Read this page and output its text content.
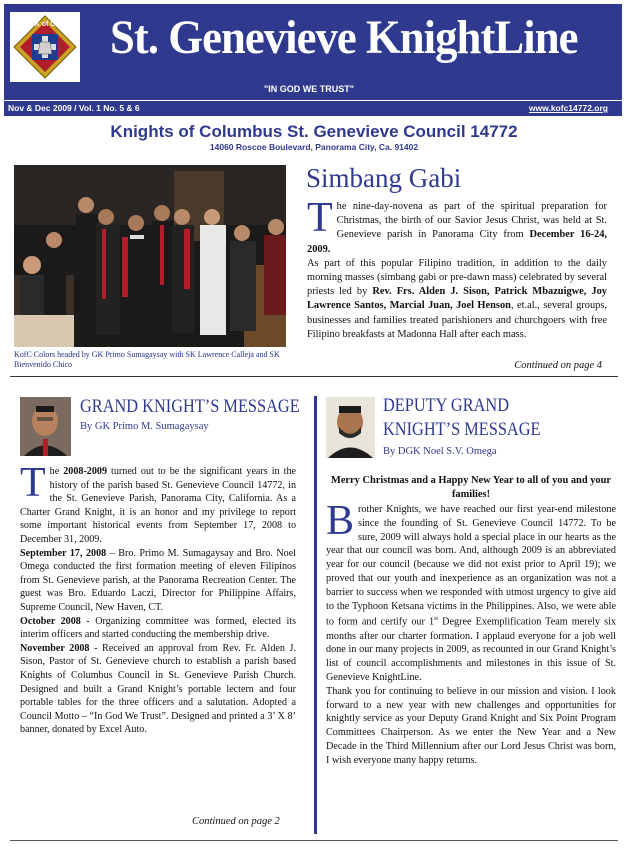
K of C St. Genevieve KnightLine
"IN GOD WE TRUST"
Nov & Dec 2009 / Vol. 1 No. 5 & 6	www.kofc14772.org
Knights of Columbus St. Genevieve Council 14772
14060 Roscoe Boulevard, Panorama City, Ca. 91402
KofC Colors headed by GK Primo Sumagaysay with SK Lawrence Calleja and SK Bienvenido Chico
Simbang Gabi

The nine-day-novena as part of the spiritual preparation for Christmas, the birth of our Savior Jesus Christ, was held at St. Genevieve parish in Panorama City from December 16-24, 2009.

As part of this popular Filipino tradition, in addition to the daily morning masses (simbang gabi or pre-dawn mass) celebrated by several priests led by Rev. Frs. Alden J. Sison, Patrick Mbazuigwe, Joy Lawrence Santos, Marcial Juan, Joel Henson, et.al., several groups, businesses and families treated parishioners and churchgoers with free Filipino breakfasts at Madonna Hall after each mass.

Continued on page 4
GRAND KNIGHT’S MESSAGE
By GK Primo M. Sumagaysay

The 2008-2009 turned out to be the significant years in the history of the parish based St. Genevieve Council 14772, in the St. Genevieve Parish, Panorama City, California. As a Charter Grand Knight, it is an honor and my privilege to report some important historical events from September 17, 2008 to December 31, 2009.

September 17, 2008 – Bro. Primo M. Sumagaysay and Bro. Noel Omega conducted the first formation meeting of eleven Filipinos from St. Genevieve parish, at the Panorama Recreation Center. The guest was Bro. Eduardo Laczi, Director for Philippine Affairs, Supreme Council, New Haven, CT.

October 2008 - Organizing committee was formed, elected its interim officers and started conducting the membership drive.

November 2008 - Received an approval from Rev. Fr. Alden J. Sison, Pastor of St. Genevieve church to establish a parish based Knights of Columbus Council in St. Genevieve Parish Church. Designed and built a Grand Knight’s portable lectern and four portable tables for the three officers and a salutation. Adopted a Council Motto – “In God We Trust”. Designed and printed a 3’ X 8’ banner, donated by Excel Auto.

Continued on page 2
DEPUTY GRAND KNIGHT’S MESSAGE
By DGK Noel S.V. Omega
Merry Christmas and a Happy New Year to all of you and your families!

Brother Knights, we have reached our first year-end milestone since the founding of St. Genevieve Council 14772. To be sure, 2009 will always hold a special place in our hearts as the year that our council was born. And, although 2009 is an abbreviated year for our council (because we did not exist prior to April 19); we proved that our youth and inexperience as an organization was not a barrier to success when we responded with utmost urgency to give aid to the Typhoon Ketsana victims in the Philippines. Also, we were able to form and certify our 1st Degree Exemplification Team merely six months after our charter formation. I applaud everyone for a job well done in our many projects in 2009, as recounted in our Grand Knight’s list of council accomplishments and milestones in this issue of St. Genevieve KnightLine.

Thank you for continuing to believe in our mission and vision. I look forward to a new year with new challenges and opportunities for knightly service as your Deputy Grand Knight and Six Point Program Committees Chairperson. As we enter the New Year and a New Decade in the Third Millennium after our Lord Jesus Christ was born, I wish everyone many happy returns.
